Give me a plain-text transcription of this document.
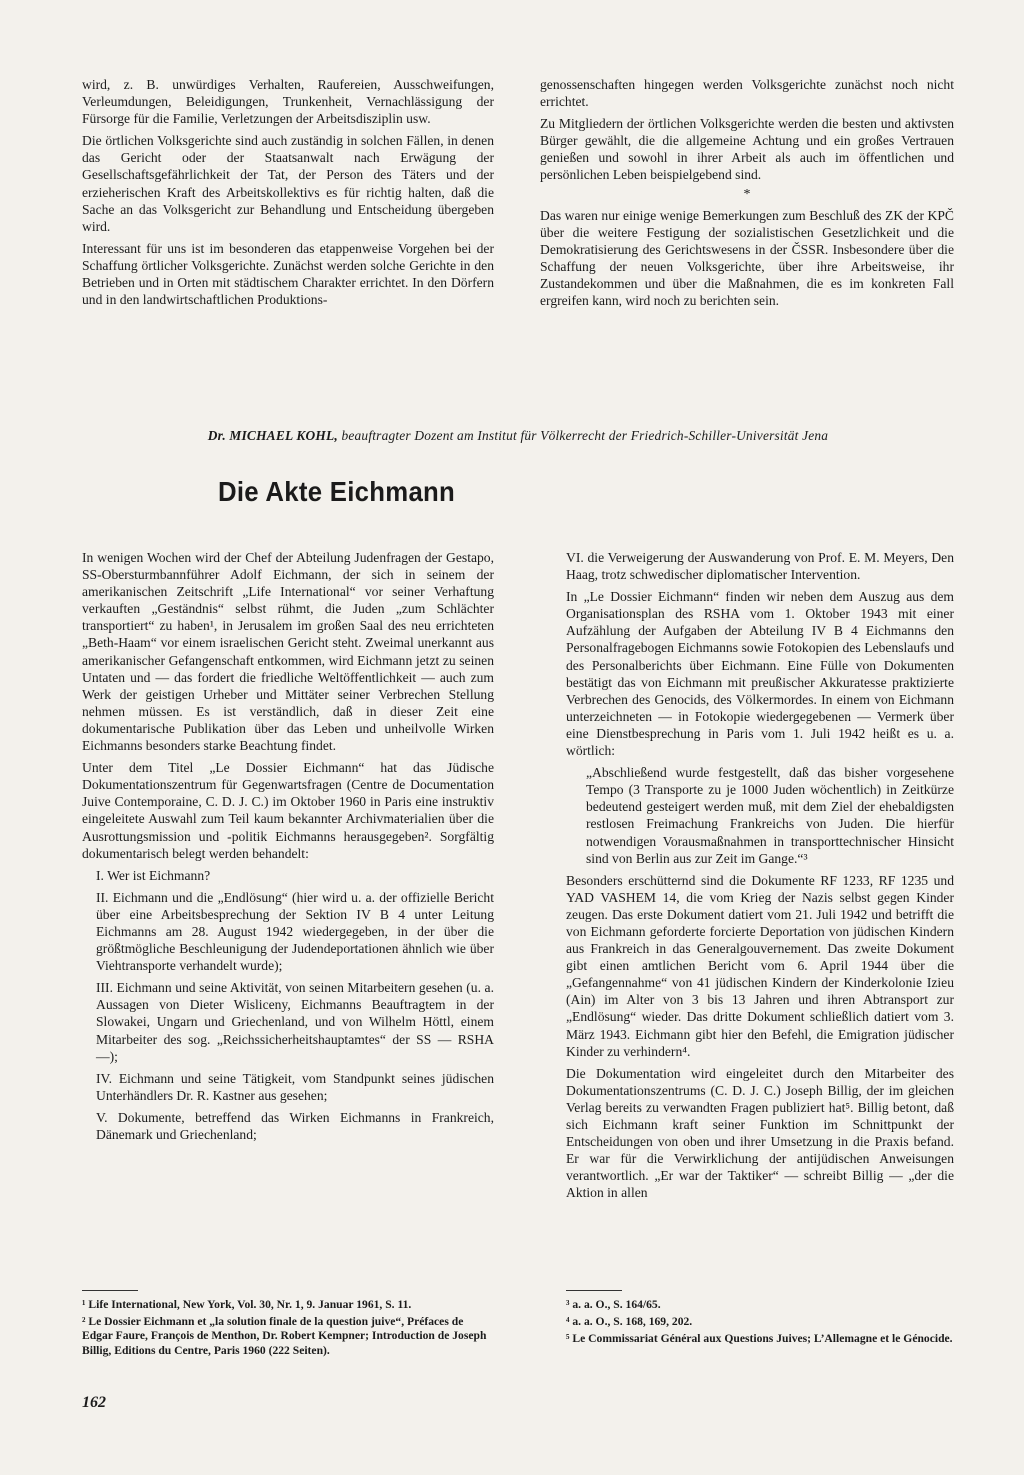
wird, z. B. unwürdiges Verhalten, Raufereien, Ausschweifungen, Verleumdungen, Beleidigungen, Trunkenheit, Vernachlässigung der Fürsorge für die Familie, Verletzungen der Arbeitsdisziplin usw.

Die örtlichen Volksgerichte sind auch zuständig in solchen Fällen, in denen das Gericht oder der Staatsanwalt nach Erwägung der Gesellschaftsgefährlichkeit der Tat, der Person des Täters und der erzieherischen Kraft des Arbeitskollektivs es für richtig halten, daß die Sache an das Volksgericht zur Behandlung und Entscheidung übergeben wird.

Interessant für uns ist im besonderen das etappenweise Vorgehen bei der Schaffung örtlicher Volksgerichte. Zunächst werden solche Gerichte in den Betrieben und in Orten mit städtischem Charakter errichtet. In den Dörfern und in den landwirtschaftlichen Produktions-

genossenschaften hingegen werden Volksgerichte zunächst noch nicht errichtet.

Zu Mitgliedern der örtlichen Volksgerichte werden die besten und aktivsten Bürger gewählt, die die allgemeine Achtung und ein großes Vertrauen genießen und sowohl in ihrer Arbeit als auch im öffentlichen und persönlichen Leben beispielgebend sind.

*

Das waren nur einige wenige Bemerkungen zum Beschluß des ZK der KPČ über die weitere Festigung der sozialistischen Gesetzlichkeit und die Demokratisierung des Gerichtswesens in der ČSSR. Insbesondere über die Schaffung der neuen Volksgerichte, über ihre Arbeitsweise, ihr Zustandekommen und über die Maßnahmen, die es im konkreten Fall ergreifen kann, wird noch zu berichten sein.

Dr. MICHAEL KOHL, beauftragter Dozent am Institut für Völkerrecht der Friedrich-Schiller-Universität Jena
Die Akte Eichmann

In wenigen Wochen wird der Chef der Abteilung Judenfragen der Gestapo, SS-Obersturmbannführer Adolf Eichmann, der sich in seinem der amerikanischen Zeitschrift „Life International“ vor seiner Verhaftung verkauften „Geständnis“ selbst rühmt, die Juden „zum Schlächter transportiert“ zu haben¹, in Jerusalem im großen Saal des neu errichteten „Beth-Haam“ vor einem israelischen Gericht steht. Zweimal unerkannt aus amerikanischer Gefangenschaft entkommen, wird Eichmann jetzt zu seinen Untaten und — das fordert die friedliche Weltöffentlichkeit — auch zum Werk der geistigen Urheber und Mittäter seiner Verbrechen Stellung nehmen müssen. Es ist verständlich, daß in dieser Zeit eine dokumentarische Publikation über das Leben und unheilvolle Wirken Eichmanns besonders starke Beachtung findet.

Unter dem Titel „Le Dossier Eichmann“ hat das Jüdische Dokumentationszentrum für Gegenwartsfragen (Centre de Documentation Juive Contemporaine, C. D. J. C.) im Oktober 1960 in Paris eine instruktiv eingeleitete Auswahl zum Teil kaum bekannter Archivmaterialien über die Ausrottungsmission und -politik Eichmanns herausgegeben². Sorgfältig dokumentarisch belegt werden behandelt:

I. Wer ist Eichmann?

II. Eichmann und die „Endlösung“ (hier wird u. a. der offizielle Bericht über eine Arbeitsbesprechung der Sektion IV B 4 unter Leitung Eichmanns am 28. August 1942 wiedergegeben, in der über die größtmögliche Beschleunigung der Judendeportationen ähnlich wie über Viehtransporte verhandelt wurde);

III. Eichmann und seine Aktivität, von seinen Mitarbeitern gesehen (u. a. Aussagen von Dieter Wisliceny, Eichmanns Beauftragtem in der Slowakei, Ungarn und Griechenland, und von Wilhelm Höttl, einem Mitarbeiter des sog. „Reichssicherheitshauptamtes“ der SS — RSHA —);

IV. Eichmann und seine Tätigkeit, vom Standpunkt seines jüdischen Unterhändlers Dr. R. Kastner aus gesehen;

V. Dokumente, betreffend das Wirken Eichmanns in Frankreich, Dänemark und Griechenland;

VI. die Verweigerung der Auswanderung von Prof. E. M. Meyers, Den Haag, trotz schwedischer diplomatischer Intervention.

In „Le Dossier Eichmann“ finden wir neben dem Auszug aus dem Organisationsplan des RSHA vom 1. Oktober 1943 mit einer Aufzählung der Aufgaben der Abteilung IV B 4 Eichmanns den Personalfragebogen Eichmanns sowie Fotokopien des Lebenslaufs und des Personalberichts über Eichmann. Eine Fülle von Dokumenten bestätigt das von Eichmann mit preußischer Akkuratesse praktizierte Verbrechen des Genocids, des Völkermordes. In einem von Eichmann unterzeichneten — in Fotokopie wiedergegebenen — Vermerk über eine Dienstbesprechung in Paris vom 1. Juli 1942 heißt es u. a. wörtlich:

„Abschließend wurde festgestellt, daß das bisher vorgesehene Tempo (3 Transporte zu je 1000 Juden wöchentlich) in Zeitkürze bedeutend gesteigert werden muß, mit dem Ziel der ehebaldigsten restlosen Freimachung Frankreichs von Juden. Die hierfür notwendigen Vorausmaßnahmen in transporttechnischer Hinsicht sind von Berlin aus zur Zeit im Gange.“³

Besonders erschütternd sind die Dokumente RF 1233, RF 1235 und YAD VASHEM 14, die vom Krieg der Nazis selbst gegen Kinder zeugen. Das erste Dokument datiert vom 21. Juli 1942 und betrifft die von Eichmann geforderte forcierte Deportation von jüdischen Kindern aus Frankreich in das Generalgouvernement. Das zweite Dokument gibt einen amtlichen Bericht vom 6. April 1944 über die „Gefangennahme“ von 41 jüdischen Kindern der Kinderkolonie Izieu (Ain) im Alter von 3 bis 13 Jahren und ihren Abtransport zur „Endlösung“ wieder. Das dritte Dokument schließlich datiert vom 3. März 1943. Eichmann gibt hier den Befehl, die Emigration jüdischer Kinder zu verhindern⁴.

Die Dokumentation wird eingeleitet durch den Mitarbeiter des Dokumentationszentrums (C. D. J. C.) Joseph Billig, der im gleichen Verlag bereits zu verwandten Fragen publiziert hat⁵. Billig betont, daß sich Eichmann kraft seiner Funktion im Schnittpunkt der Entscheidungen von oben und ihrer Umsetzung in die Praxis befand. Er war für die Verwirklichung der antijüdischen Anweisungen verantwortlich. „Er war der Taktiker“ — schreibt Billig — „der die Aktion in allen

¹ Life International, New York, Vol. 30, Nr. 1, 9. Januar 1961, S. 11.

² Le Dossier Eichmann et „la solution finale de la question juive“, Préfaces de Edgar Faure, François de Menthon, Dr. Robert Kempner; Introduction de Joseph Billig, Editions du Centre, Paris 1960 (222 Seiten).

³ a. a. O., S. 164/65.

⁴ a. a. O., S. 168, 169, 202.

⁵ Le Commissariat Général aux Questions Juives; L’Allemagne et le Génocide.

162
